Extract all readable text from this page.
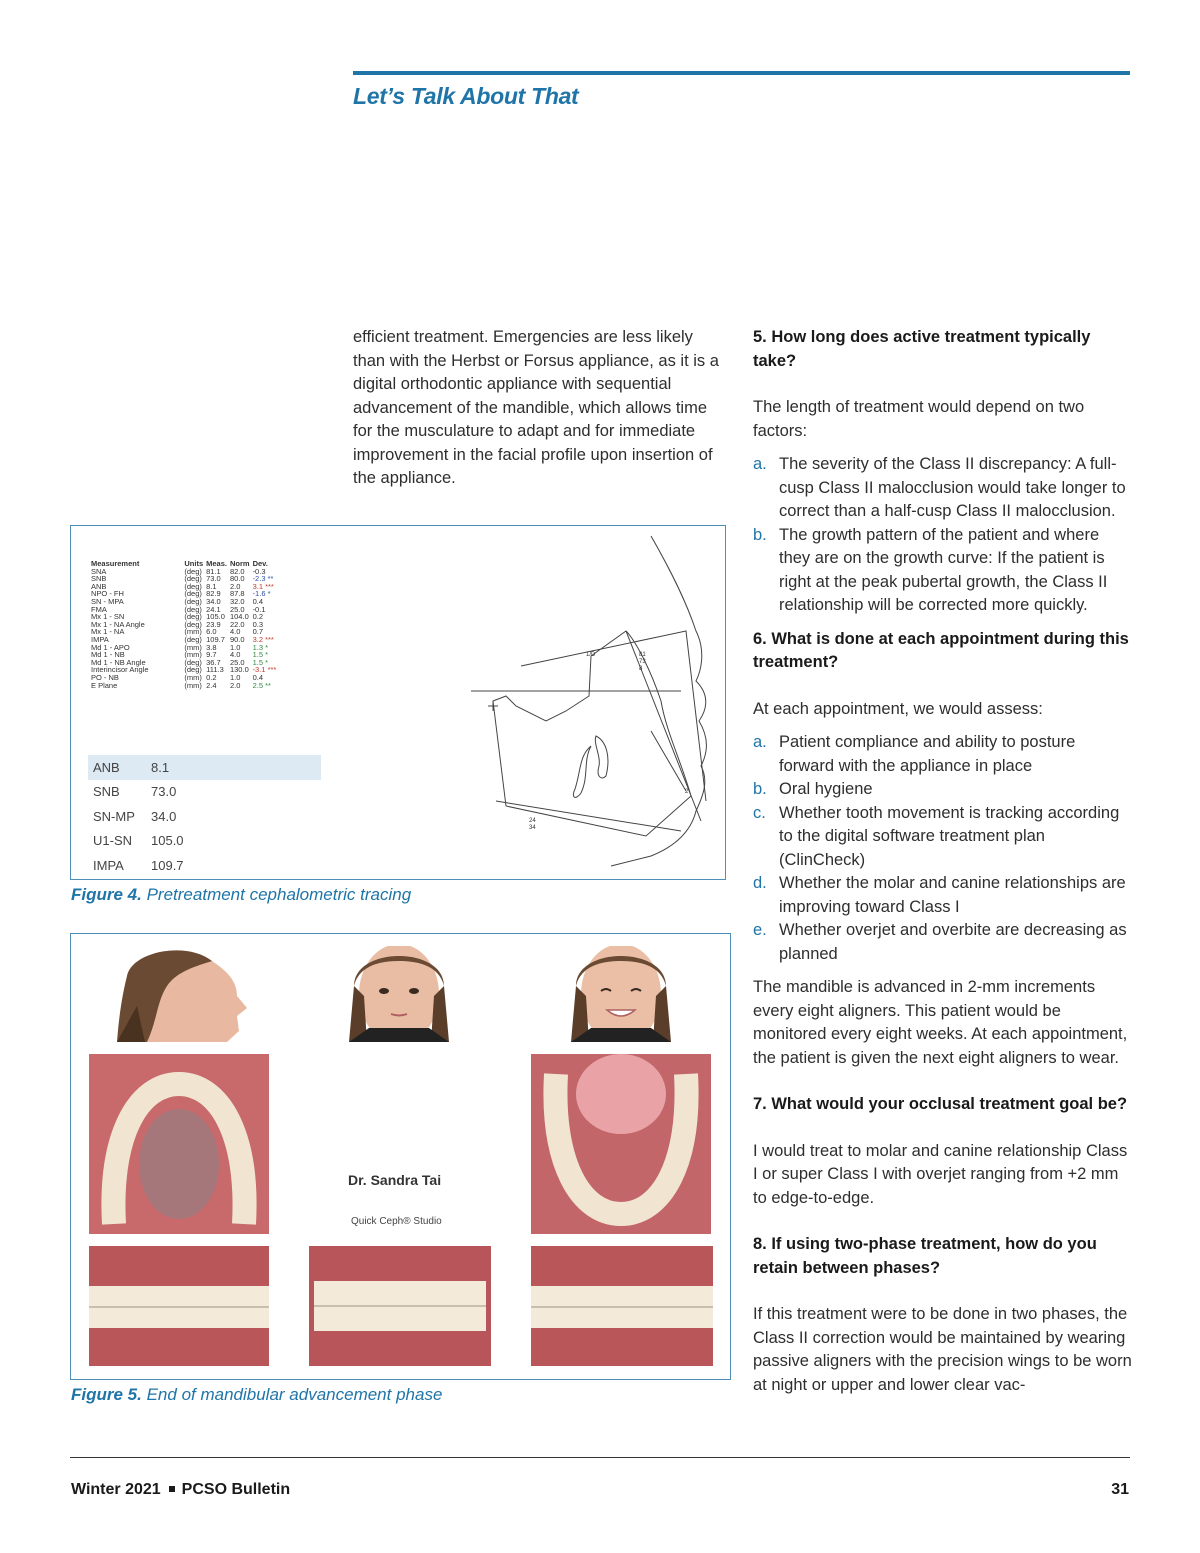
Let’s Talk About That

efficient treatment. Emergencies are less likely than with the Herbst or Forsus appliance, as it is a digital orthodontic appliance with sequential advancement of the mandible, which allows time for the musculature to adapt and for immediate improvement in the facial profile upon insertion of the appliance.

5. How long does active treatment typically take?

The length of treatment would depend on two factors:

a. The severity of the Class II discrepancy: A full-cusp Class II malocclusion would take longer to correct than a half-cusp Class II malocclusion.
b. The growth pattern of the patient and where they are on the growth curve: If the patient is right at the peak pubertal growth, the Class II relationship will be corrected more quickly.

6. What is done at each appointment during this treatment?

At each appointment, we would assess:

a. Patient compliance and ability to posture forward with the appliance in place
b. Oral hygiene
c. Whether tooth movement is tracking according to the digital software treatment plan (ClinCheck)
d. Whether the molar and canine relationships are improving toward Class I
e. Whether overjet and overbite are decreasing as planned

The mandible is advanced in 2-mm increments every eight aligners. This patient would be monitored every eight weeks. At each appointment, the patient is given the next eight aligners to wear.

7. What would your occlusal treatment goal be?

I would treat to molar and canine relationship Class I or super Class I with overjet ranging from +2 mm to edge-to-edge.

8. If using two-phase treatment, how do you retain between phases?

If this treatment were to be done in two phases, the Class II correction would be maintained by wearing passive aligners with the precision wings to be worn at night or upper and lower clear vac-

Measurement	Units	Meas.	Norm	Dev.
SNA	(deg)	81.1	82.0	-0.3
SNB	(deg)	73.0	80.0	-2.3 **
ANB	(deg)	8.1	2.0	3.1 ***
NPO - FH	(deg)	82.9	87.8	-1.6 *
SN - MPA	(deg)	34.0	32.0	0.4
FMA	(deg)	24.1	25.0	-0.1
Mx 1 - SN	(deg)	105.0	104.0	0.2
Mx 1 - NA Angle	(deg)	23.9	22.0	0.3
Mx 1 - NA	(mm)	6.0	4.0	0.7
IMPA	(deg)	109.7	90.0	3.2 ***
Md 1 - APO	(mm)	3.8	1.0	1.3 *
Md 1 - NB	(mm)	9.7	4.0	1.5 *
Md 1 - NB Angle	(deg)	36.7	25.0	1.5 *
Interincisor Angle	(deg)	111.3	130.0	-3.1 ***
PO - NB	(mm)	0.2	1.0	0.4
E Plane	(mm)	2.4	2.0	2.5 **
ANB	8.1
SNB	73.0
SN-MP	34.0
U1-SN	105.0
IMPA	109.7
1/D	81
73
8
24
34
2

Figure 4. Pretreatment cephalometric tracing

Dr. Sandra Tai
Quick Ceph® Studio

Figure 5. End of mandibular advancement phase

Winter 2021 PCSO Bulletin	31
